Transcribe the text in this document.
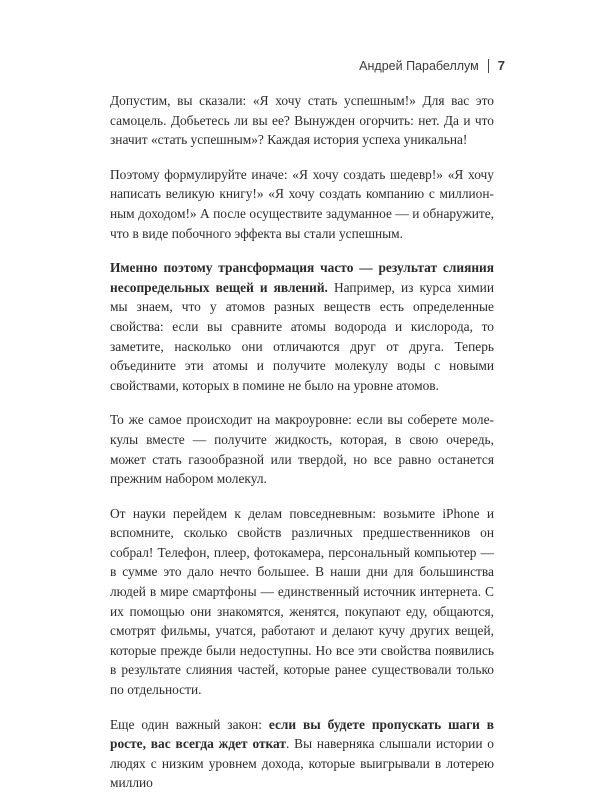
Андрей Парабеллум 7

Допустим, вы сказали: «Я хочу стать успешным!» Для вас это самоцель. Добьетесь ли вы ее? Вынужден огорчить: нет. Да и что значит «стать успешным»? Каждая история успеха уникальна!

Поэтому формулируйте иначе: «Я хочу создать шедевр!» «Я хочу написать великую книгу!» «Я хочу создать компанию с миллионным доходом!» А после осуществите задуманное — и обнаружите, что в виде побочного эффекта вы стали успешным.

Именно поэтому трансформация часто — результат слияния несопредельных вещей и явлений. Например, из курса химии мы знаем, что у атомов разных веществ есть определенные свойства: если вы сравните атомы водорода и кислорода, то заметите, насколько они отличаются друг от друга. Теперь объедините эти атомы и получите молекулу воды с новыми свойствами, которых в помине не было на уровне атомов.

То же самое происходит на макроуровне: если вы соберете молекулы вместе — получите жидкость, которая, в свою очередь, может стать газообразной или твердой, но все равно останется прежним набором молекул.

От науки перейдем к делам повседневным: возьмите iPhone и вспомните, сколько свойств различных предшественников он собрал! Телефон, плеер, фотокамера, персональный компьютер — в сумме это дало нечто большее. В наши дни для большинства людей в мире смартфоны — единственный источник интернета. С их помощью они знакомятся, женятся, покупают еду, общаются, смотрят фильмы, учатся, работают и делают кучу других вещей, которые прежде были недоступны. Но все эти свойства появились в результате слияния частей, которые ранее существовали только по отдельности.

Еще один важный закон: если вы будете пропускать шаги в росте, вас всегда ждет откат. Вы наверняка слышали истории о людях с низким уровнем дохода, которые выигрывали в лотерею миллио
